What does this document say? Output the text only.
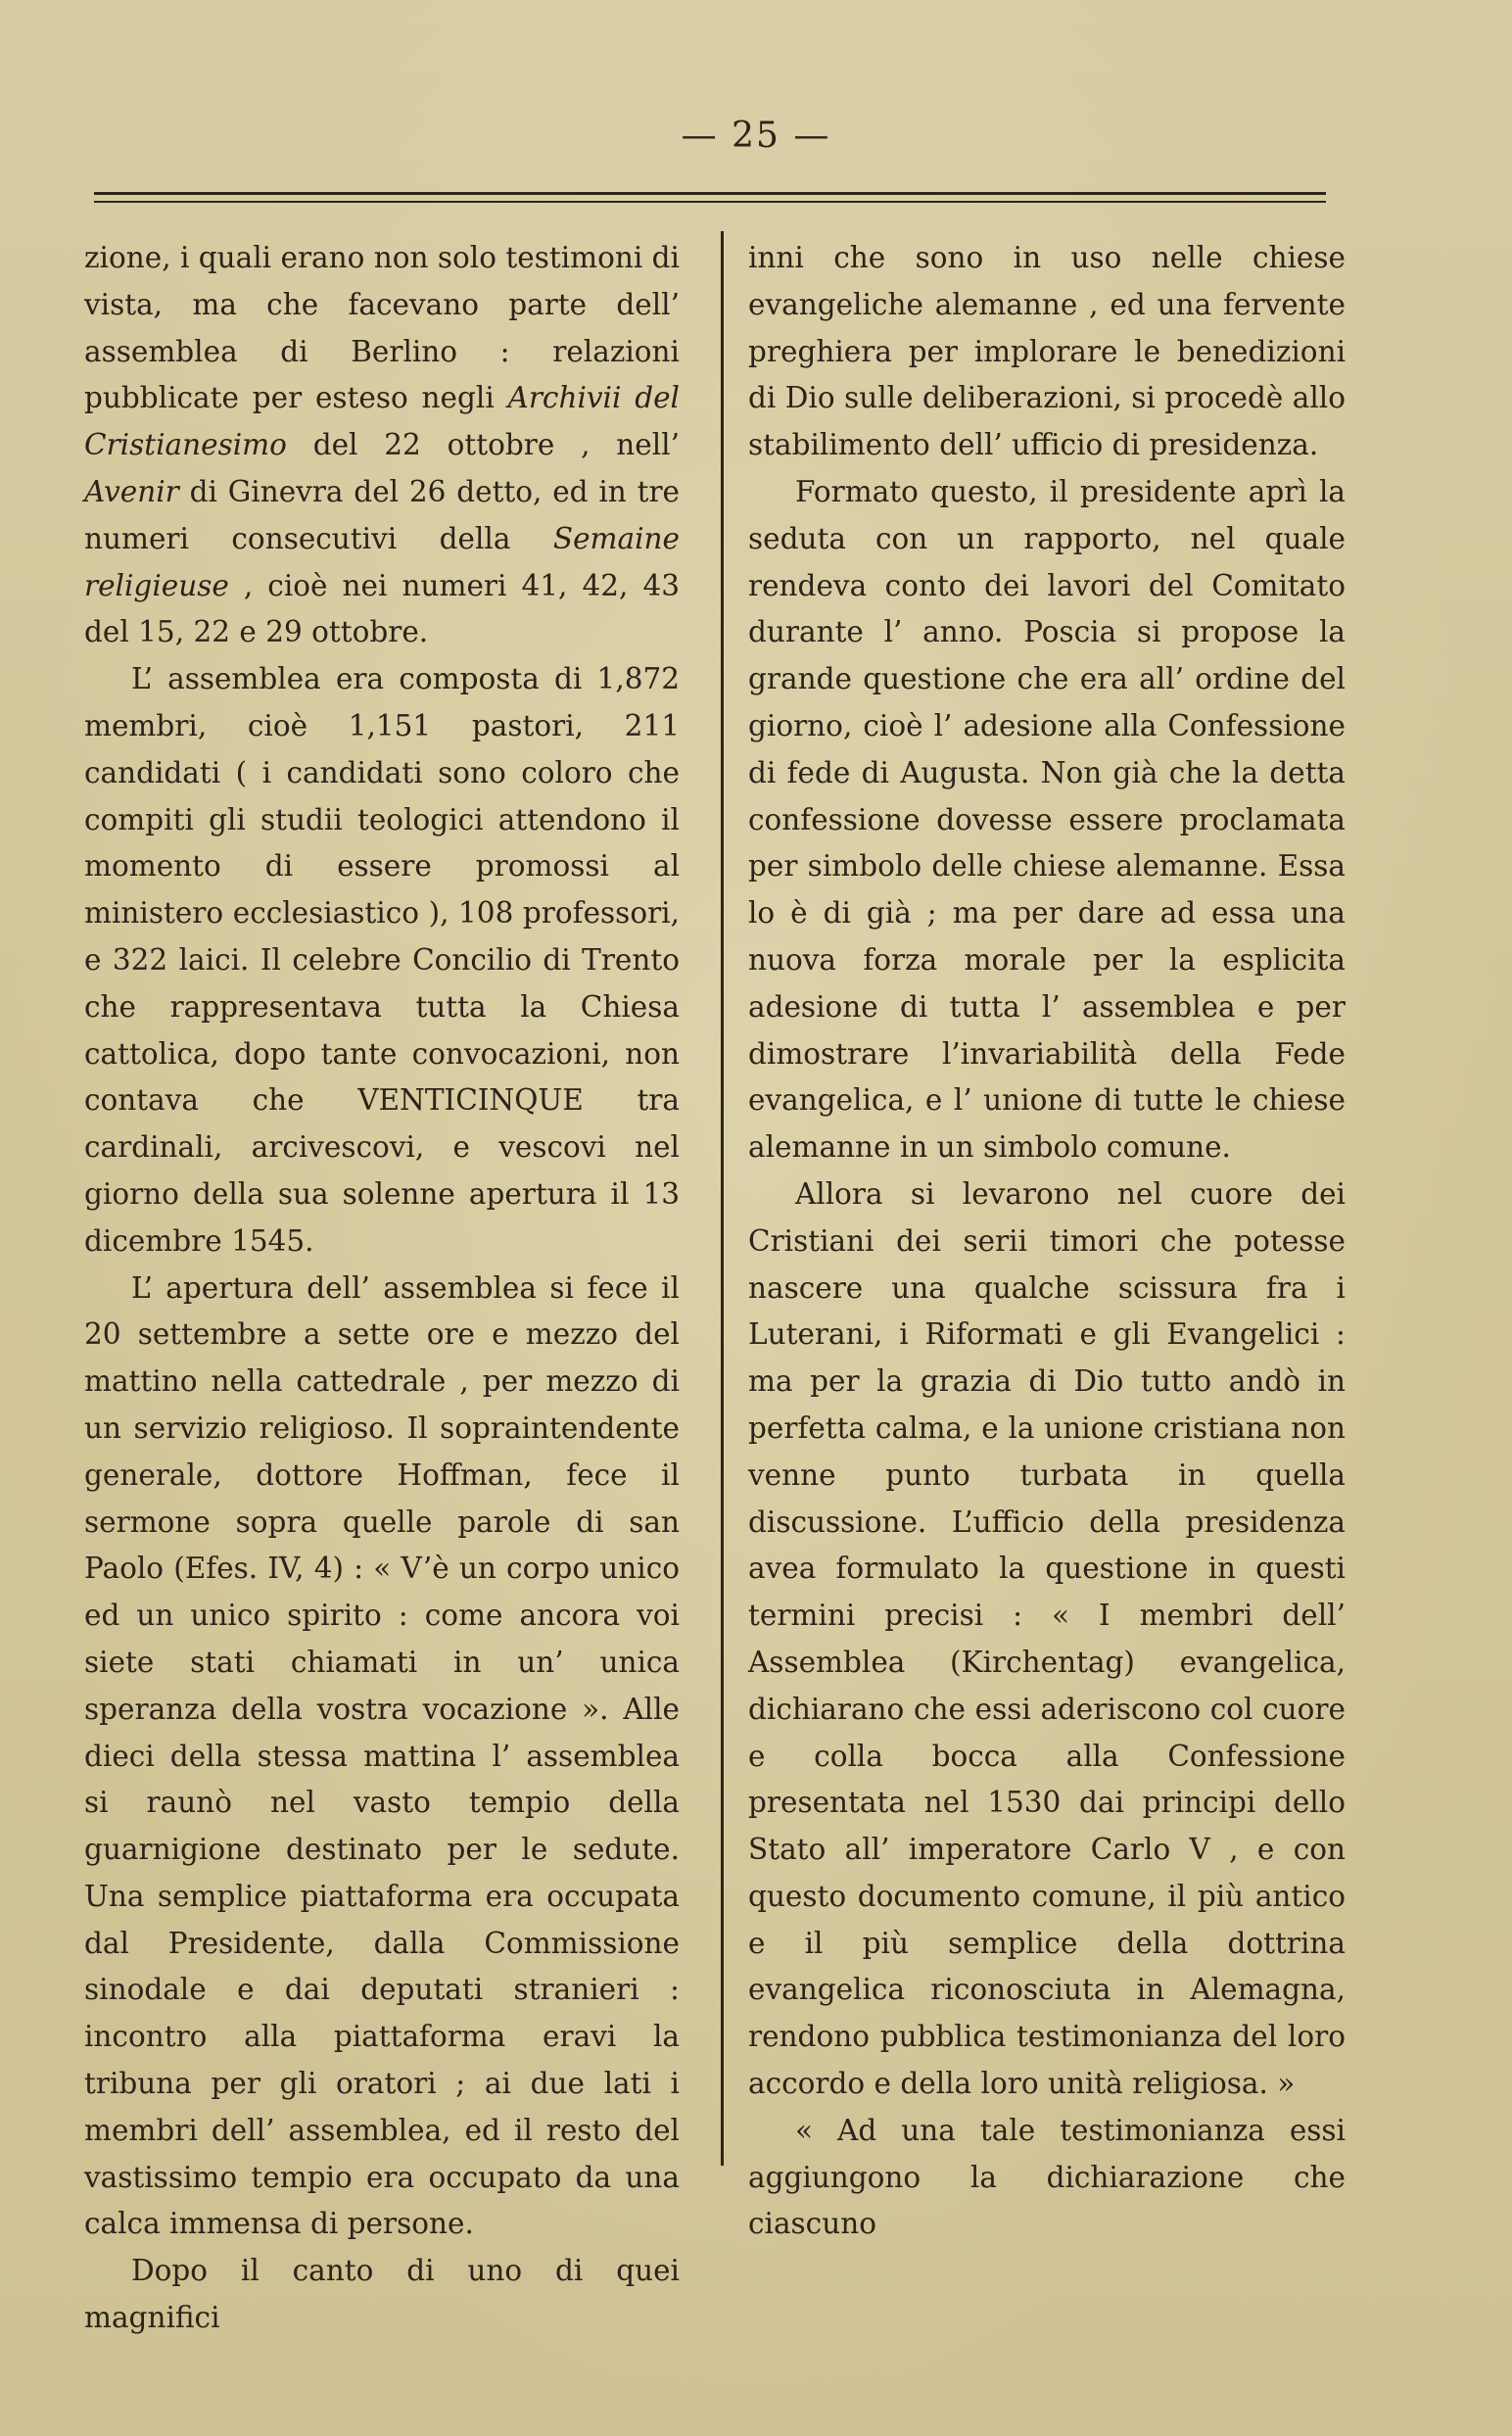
— 25 —

zione, i quali erano non solo testimoni di vista, ma che facevano parte dell’ assemblea di Berlino : relazioni pubblicate per esteso negli Archivii del Cristianesimo del 22 ottobre , nell’ Avenir di Ginevra del 26 detto, ed in tre numeri consecutivi della Semaine religieuse , cioè nei numeri 41, 42, 43 del 15, 22 e 29 ottobre.

L’ assemblea era composta di 1,872 membri, cioè 1,151 pastori, 211 candidati ( i candidati sono coloro che compiti gli studii teologici attendono il momento di essere promossi al ministero ecclesiastico ), 108 professori, e 322 laici. Il celebre Concilio di Trento che rappresentava tutta la Chiesa cattolica, dopo tante convocazioni, non contava che VENTICINQUE tra cardinali, arcivescovi, e vescovi nel giorno della sua solenne apertura il 13 dicembre 1545.

L’ apertura dell’ assemblea si fece il 20 settembre a sette ore e mezzo del mattino nella cattedrale , per mezzo di un servizio religioso. Il sopraintendente generale, dottore Hoffman, fece il sermone sopra quelle parole di san Paolo (Efes. IV, 4) : « V’è un corpo unico ed un unico spirito : come ancora voi siete stati chiamati in un’ unica speranza della vostra vocazione ». Alle dieci della stessa mattina l’ assemblea si raunò nel vasto tempio della guarnigione destinato per le sedute. Una semplice piattaforma era occupata dal Presidente, dalla Commissione sinodale e dai deputati stranieri : incontro alla piattaforma eravi la tribuna per gli oratori ; ai due lati i membri dell’ assemblea, ed il resto del vastissimo tempio era occupato da una calca immensa di persone.

Dopo il canto di uno di quei magnifici

inni che sono in uso nelle chiese evangeliche alemanne , ed una fervente preghiera per implorare le benedizioni di Dio sulle deliberazioni, si procedè allo stabilimento dell’ ufficio di presidenza.

Formato questo, il presidente aprì la seduta con un rapporto, nel quale rendeva conto dei lavori del Comitato durante l’ anno. Poscia si propose la grande questione che era all’ ordine del giorno, cioè l’ adesione alla Confessione di fede di Augusta. Non già che la detta confessione dovesse essere proclamata per simbolo delle chiese alemanne. Essa lo è di già ; ma per dare ad essa una nuova forza morale per la esplicita adesione di tutta l’ assemblea e per dimostrare l’invariabilità della Fede evangelica, e l’ unione di tutte le chiese alemanne in un simbolo comune.

Allora si levarono nel cuore dei Cristiani dei serii timori che potesse nascere una qualche scissura fra i Luterani, i Riformati e gli Evangelici : ma per la grazia di Dio tutto andò in perfetta calma, e la unione cristiana non venne punto turbata in quella discussione. L’ufficio della presidenza avea formulato la questione in questi termini precisi : « I membri dell’ Assemblea (Kirchentag) evangelica, dichiarano che essi aderiscono col cuore e colla bocca alla Confessione presentata nel 1530 dai principi dello Stato all’ imperatore Carlo V , e con questo documento comune, il più antico e il più semplice della dottrina evangelica riconosciuta in Alemagna, rendono pubblica testimonianza del loro accordo e della loro unità religiosa. »

« Ad una tale testimonianza essi aggiungono la dichiarazione che ciascuno
